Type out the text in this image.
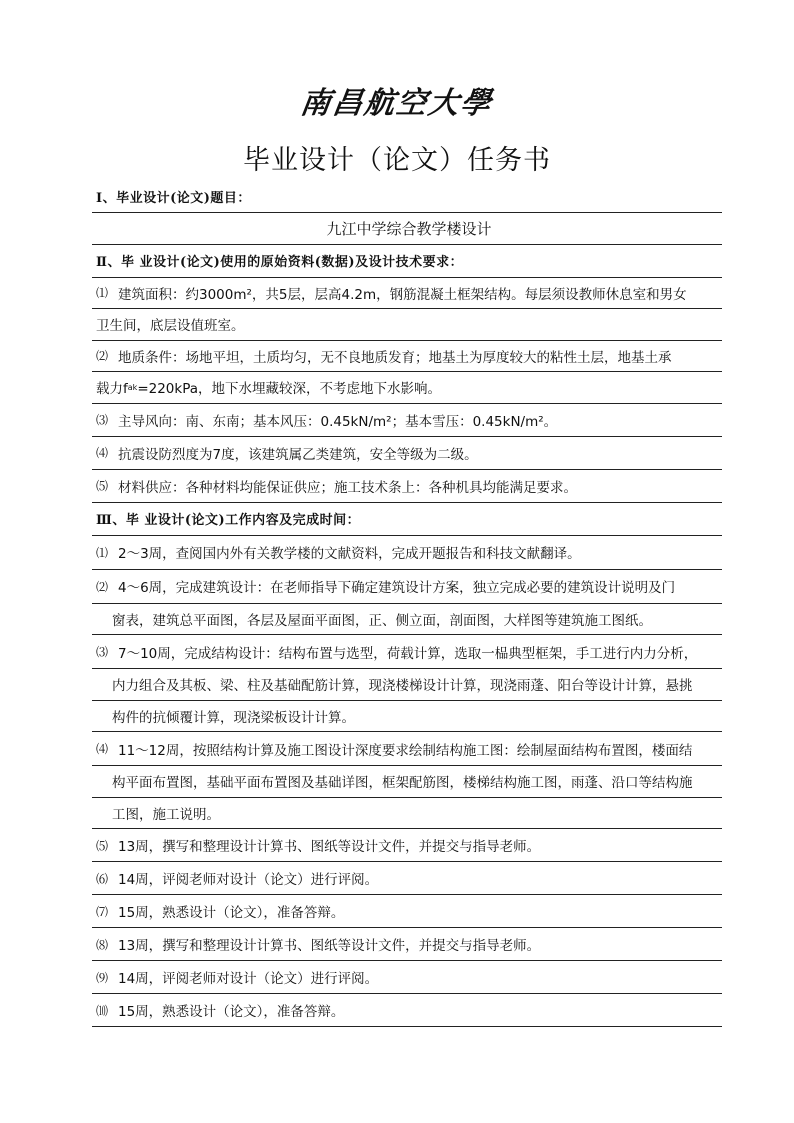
南昌航空大學
毕业设计（论文）任务书
Ⅰ、毕业设计(论文)题目：
九江中学综合教学楼设计
Ⅱ、毕 业设计(论文)使用的原始资料(数据)及设计技术要求：
⑴ 建筑面积：约3000m²，共5层，层高4.2m，钢筋混凝土框架结构。每层须设教师休息室和男女
卫生间，底层设值班室。
⑵ 地质条件：场地平坦，土质均匀，无不良地质发育；地基土为厚度较大的粘性土层，地基土承
载力f ak =220kPa，地下水埋藏较深，不考虑地下水影响。
⑶ 主导风向：南、东南；基本风压：0.45kN/m²；基本雪压：0.45kN/m²。
⑷ 抗震设防烈度为7度，该建筑属乙类建筑，安全等级为二级。
⑸ 材料供应：各种材料均能保证供应；施工技术条上：各种机具均能满足要求。
Ⅲ、毕 业设计(论文)工作内容及完成时间：
⑴ 2～3周，查阅国内外有关教学楼的文献资料，完成开题报告和科技文献翻译。
⑵ 4～6周，完成建筑设计：在老师指导下确定建筑设计方案，独立完成必要的建筑设计说明及门
窗表，建筑总平面图，各层及屋面平面图，正、侧立面，剖面图，大样图等建筑施工图纸。
⑶ 7～10周，完成结构设计：结构布置与选型，荷载计算，选取一榀典型框架，手工进行内力分析，
内力组合及其板、梁、柱及基础配筋计算，现浇楼梯设计计算，现浇雨蓬、阳台等设计计算，悬挑
构件的抗倾覆计算，现浇梁板设计计算。
⑷ 11～12周，按照结构计算及施工图设计深度要求绘制结构施工图：绘制屋面结构布置图，楼面结
构平面布置图，基础平面布置图及基础详图，框架配筋图，楼梯结构施工图，雨蓬、沿口等结构施
工图，施工说明。
⑸ 13周，撰写和整理设计计算书、图纸等设计文件，并提交与指导老师。
⑹ 14周，评阅老师对设计（论文）进行评阅。
⑺ 15周，熟悉设计（论文），准备答辩。
⑻ 13周，撰写和整理设计计算书、图纸等设计文件，并提交与指导老师。
⑼ 14周，评阅老师对设计（论文）进行评阅。
⑽ 15周，熟悉设计（论文），准备答辩。
